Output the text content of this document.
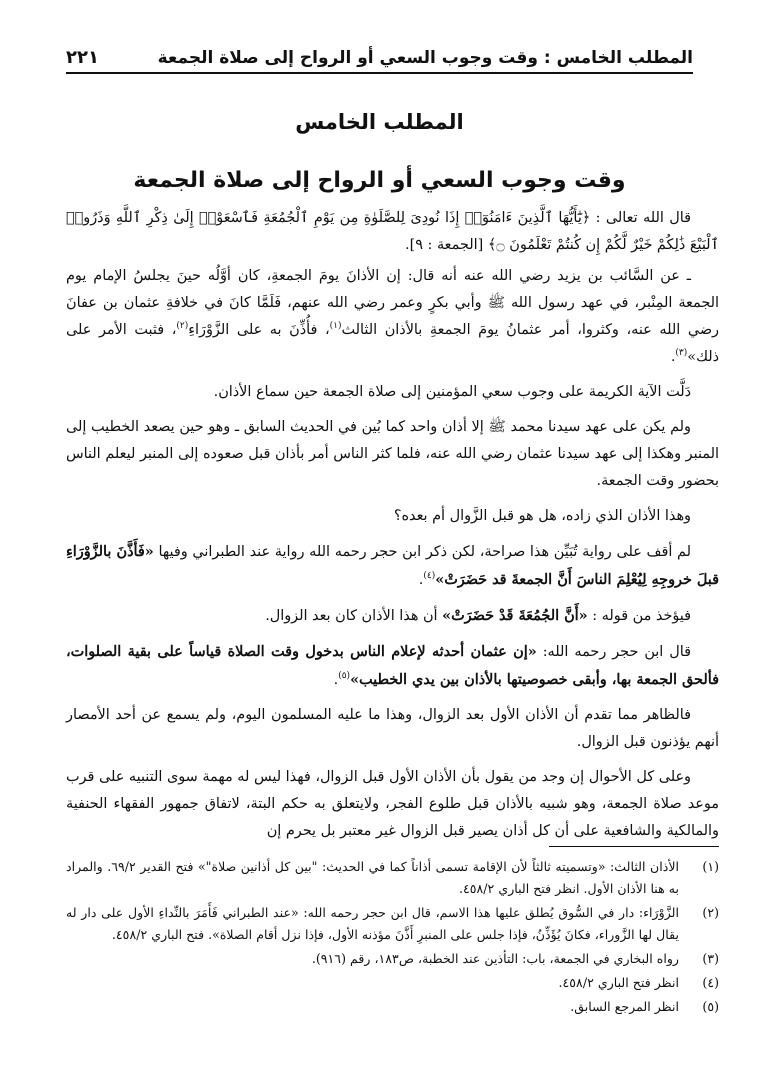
المطلب الخامس : وقت وجوب السعي أو الرواح إلى صلاة الجمعة
٢٢١
المطلب الخامس
وقت وجوب السعي أو الرواح إلى صلاة الجمعة

قال الله تعالى : ﴿يَٰٓأَيُّهَا ٱلَّذِينَ ءَامَنُوٓا۟ إِذَا نُودِىَ لِلصَّلَوٰةِ مِن يَوْمِ ٱلْجُمُعَةِ فَٱسْعَوْا۟ إِلَىٰ ذِكْرِ ٱللَّهِ وَذَرُوا۟ ٱلْبَيْعَ ذَٰلِكُمْ خَيْرٌ لَّكُمْ إِن كُنتُمْ تَعْلَمُونَ ۝﴾ [الجمعة : ٩].

ـ عن السَّائب بن يزيد رضي الله عنه أنه قال: إن الأذانَ يومَ الجمعةِ، كان أوَّلُه حينَ يجلسُ الإمام يوم الجمعة المِنْبر، في عهد رسول الله ﷺ وأبي بكرٍ وعمر رضي الله عنهم، فَلَمَّا كانَ في خلافةِ عثمان بن عفانَ رضي الله عنه، وكثروا، أمر عثمانُ يومَ الجمعةِ بالأذان الثالث$^{(١)}$، فأُذِّنَ به على الزَّوْرَاءِ$^{(٢)}$، فثبت الأمر على ذلك»$^{(٣)}$.

دَلَّت الآية الكريمة على وجوب سعي المؤمنين إلى صلاة الجمعة حين سماع الأذان.

ولم يكن على عهد سيدنا محمد ﷺ إلا أذان واحد كما بُين في الحديث السابق ـ وهو حين يصعد الخطيب إلى المنبر وهكذا إلى عهد سيدنا عثمان رضي الله عنه، فلما كثر الناس أمر بأذان قبل صعوده إلى المنبر ليعلم الناس بحضور وقت الجمعة.

وهذا الأذان الذي زاده، هل هو قبل الزَّوال أم بعده؟

لم أقف على رواية تُبَيِّن هذا صراحة، لكن ذكر ابن حجر رحمه الله رواية عند الطبراني وفيها «فَأَذَّنَ بالزَّوْرَاءِ قبلَ خروجِهِ لِيُعْلِمَ الناسَ أَنَّ الجمعةَ قد حَضَرَتْ»$^{(٤)}$.

فيؤخذ من قوله : «أَنَّ الجُمُعَةَ قَدْ حَضَرَتْ» أن هذا الأذان كان بعد الزوال.

قال ابن حجر رحمه الله: «إن عثمان أحدثه لإعلام الناس بدخول وقت الصلاة قياساً على بقية الصلوات، فألحق الجمعة بها، وأبقى خصوصيتها بالأذان بين يدي الخطيب»$^{(٥)}$.

فالظاهر مما تقدم أن الأذان الأول بعد الزوال، وهذا ما عليه المسلمون اليوم، ولم يسمع عن أحد الأمصار أنهم يؤذنون قبل الزوال.

وعلى كل الأحوال إن وجد من يقول بأن الأذان الأول قبل الزوال، فهذا ليس له مهمة سوى التنبيه على قرب موعد صلاة الجمعة، وهو شبيه بالأذان قبل طلوع الفجر، ولايتعلق به حكم البتة، لاتفاق جمهور الفقهاء الحنفية والمالكية والشافعية على أن كل أذان يصير قبل الزوال غير معتبر بل يحرم إن

(١)
الأذان الثالث: «وتسميته ثالثاً لأن الإقامة تسمى أذاناً كما في الحديث: "بين كل أذانين صلاة"» فتح القدير ٦٩/٢. والمراد به هنا الأذان الأول. انظر فتح الباري ٤٥٨/٢.
(٢)
الزَّوْرَاء: دار في السُّوق يُطلق عليها هذا الاسم، قال ابن حجر رحمه الله: «عند الطبراني فَأَمَرَ بالنِّداءِ الأول على دار له يقال لها الزَّوراء، فكانَ يُؤَذِّنُ، فإذا جلس على المنبرِ أَذَّنَ مؤذنه الأول، فإذا نزل أقام الصلاة». فتح الباري ٤٥٨/٢.
(٣)
رواه البخاري في الجمعة، باب: التأذين عند الخطبة، ص١٨٣، رقم (٩١٦).
(٤)
انظر فتح الباري ٤٥٨/٢.
(٥)
انظر المرجع السابق.
